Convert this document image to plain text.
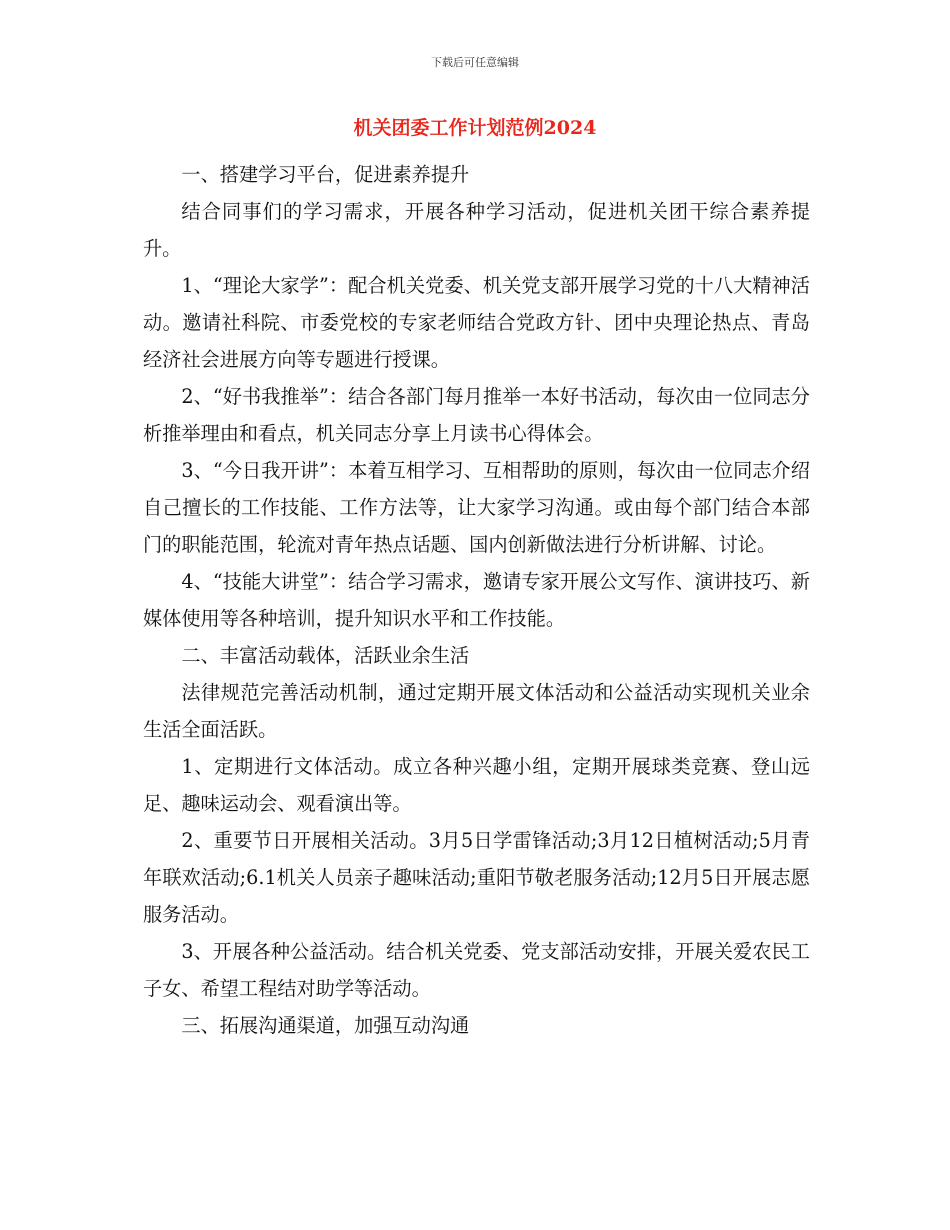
下载后可任意编辑
机关团委工作计划范例2024

一、搭建学习平台，促进素养提升

结合同事们的学习需求，开展各种学习活动，促进机关团干综合素养提升。

1、“理论大家学”：配合机关党委、机关党支部开展学习党的十八大精神活动。邀请社科院、市委党校的专家老师结合党政方针、团中央理论热点、青岛经济社会进展方向等专题进行授课。

2、“好书我推举”：结合各部门每月推举一本好书活动，每次由一位同志分析推举理由和看点，机关同志分享上月读书心得体会。

3、“今日我开讲”：本着互相学习、互相帮助的原则，每次由一位同志介绍自己擅长的工作技能、工作方法等，让大家学习沟通。或由每个部门结合本部门的职能范围，轮流对青年热点话题、国内创新做法进行分析讲解、讨论。

4、“技能大讲堂”：结合学习需求，邀请专家开展公文写作、演讲技巧、新媒体使用等各种培训，提升知识水平和工作技能。

二、丰富活动载体，活跃业余生活

法律规范完善活动机制，通过定期开展文体活动和公益活动实现机关业余生活全面活跃。

1、定期进行文体活动。成立各种兴趣小组，定期开展球类竞赛、登山远足、趣味运动会、观看演出等。

2、重要节日开展相关活动。3月5日学雷锋活动;3月12日植树活动;5月青年联欢活动;6.1机关人员亲子趣味活动;重阳节敬老服务活动;12月5日开展志愿服务活动。

3、开展各种公益活动。结合机关党委、党支部活动安排，开展关爱农民工子女、希望工程结对助学等活动。

三、拓展沟通渠道，加强互动沟通
